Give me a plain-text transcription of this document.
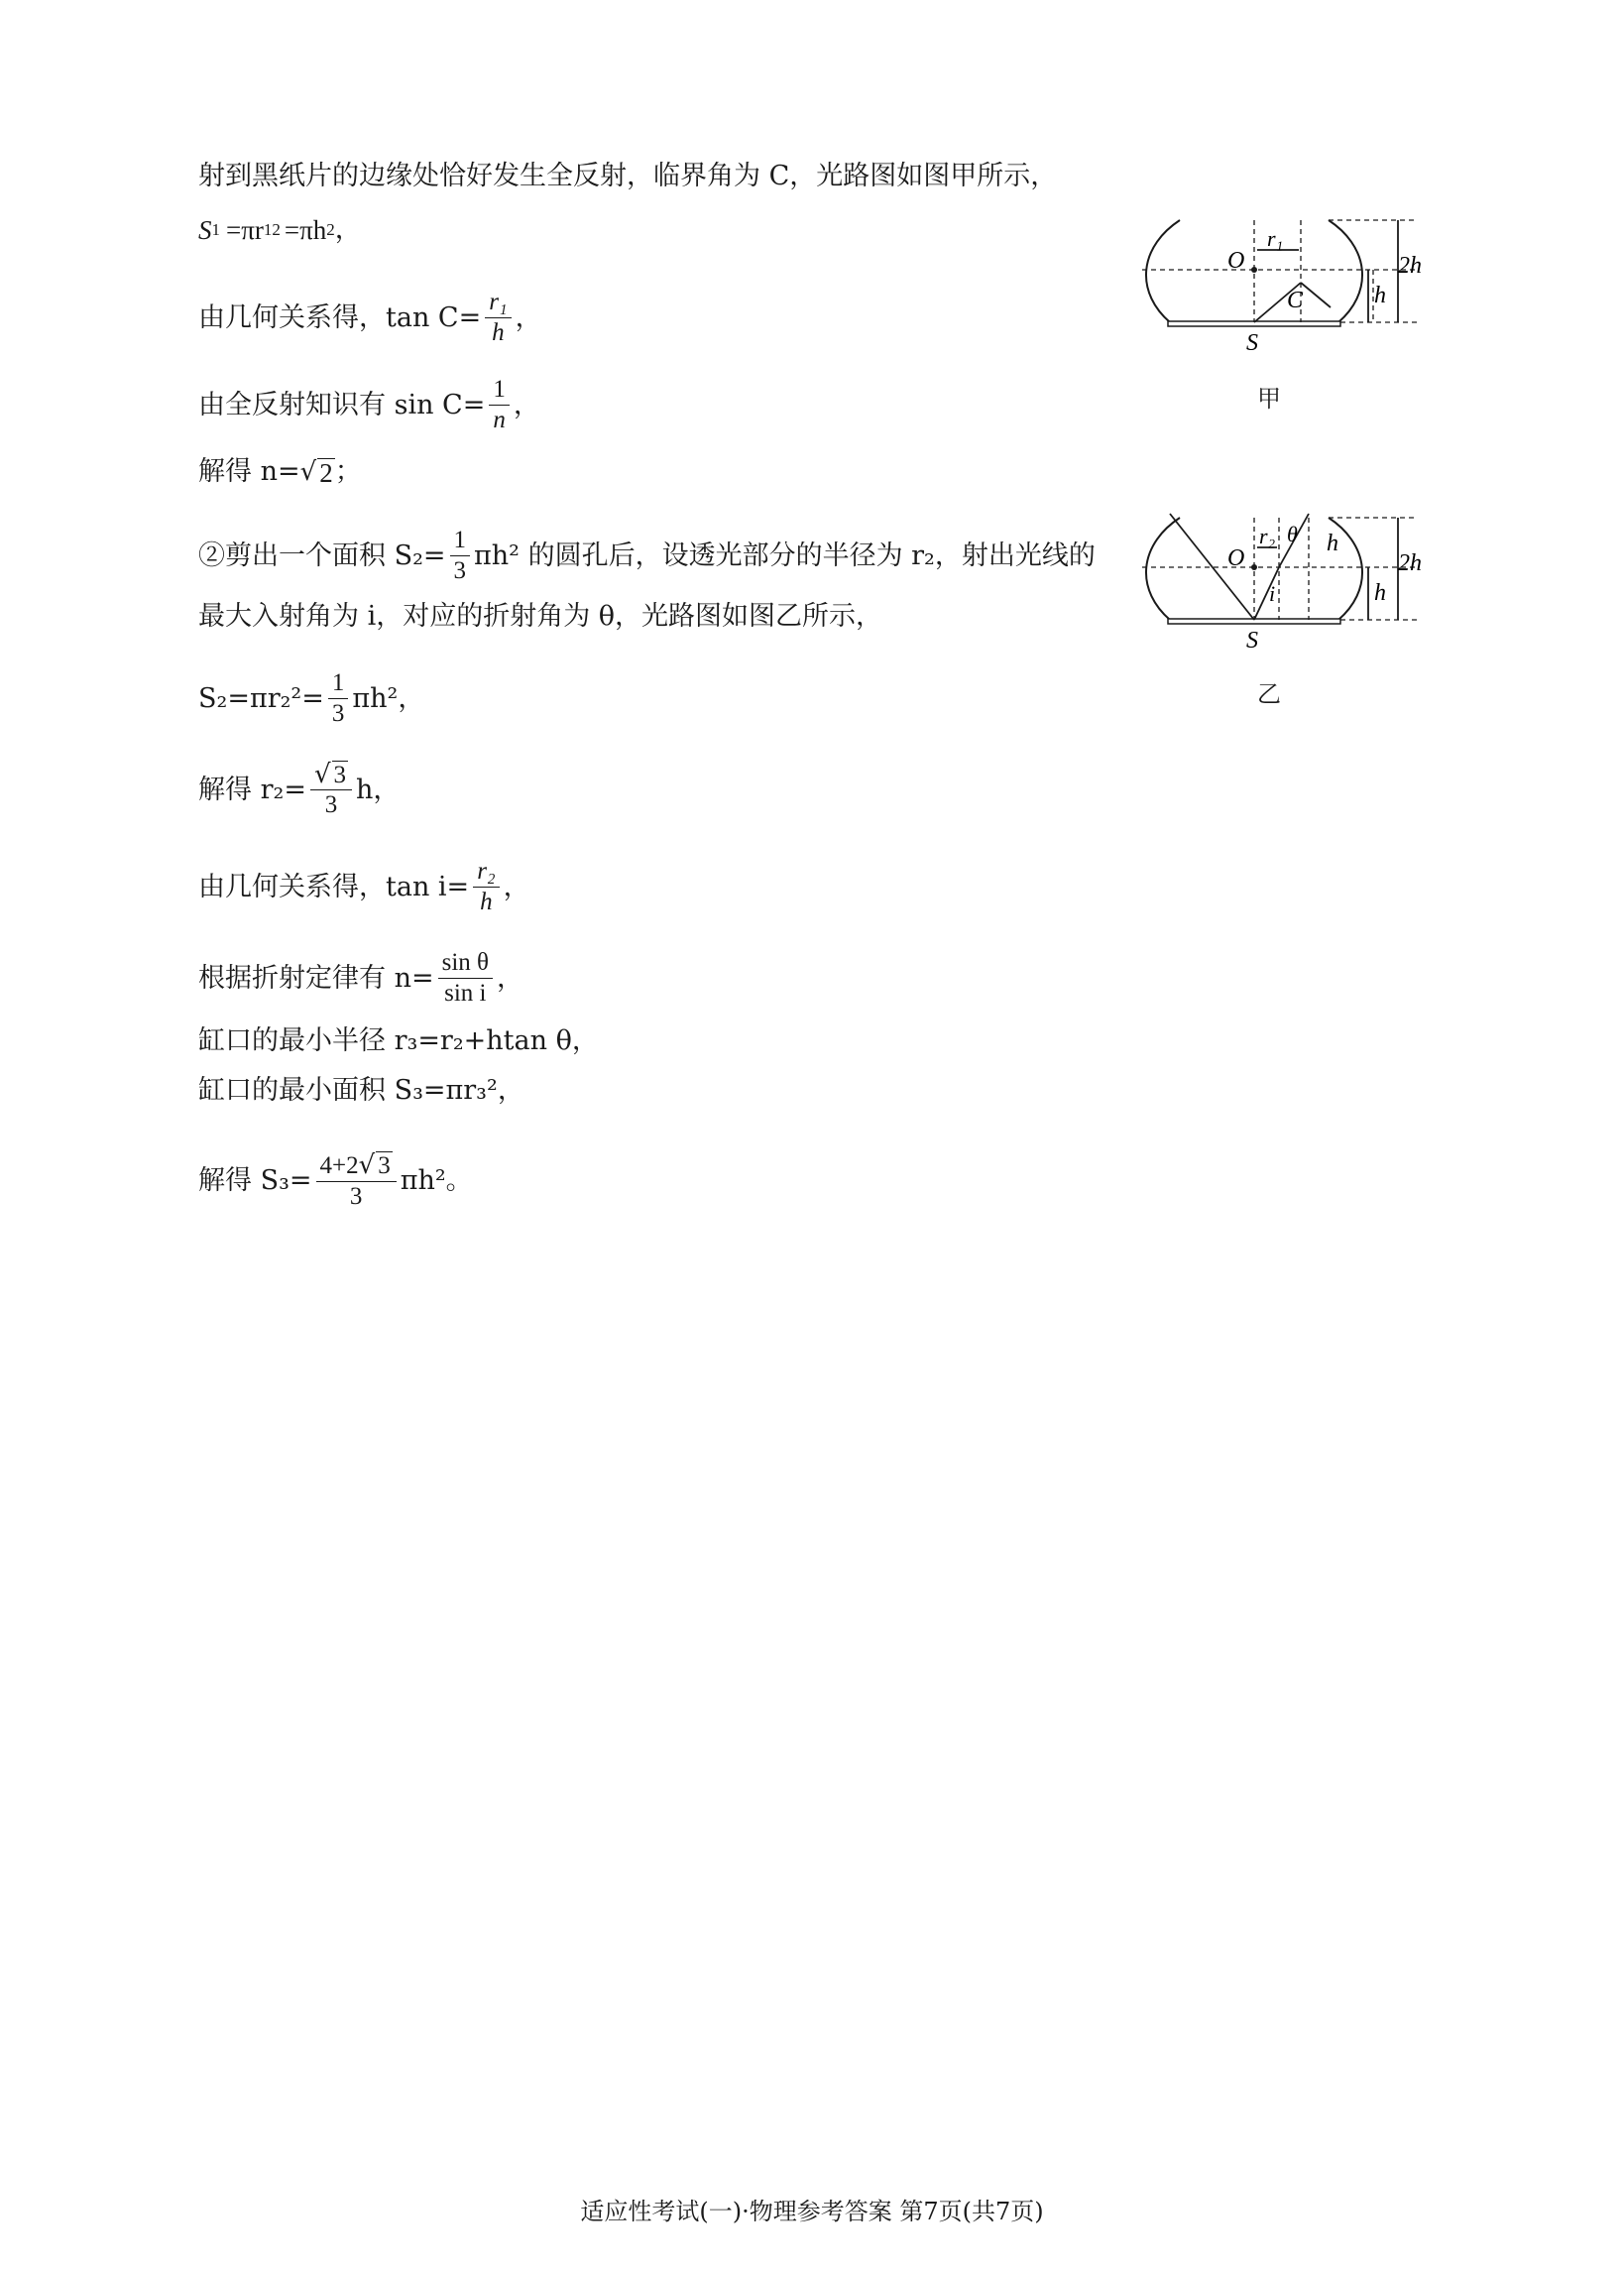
射到黑纸片的边缘处恰好发生全反射，临界角为 C，光路图如图甲所示，
S 1 =πr 1 2 =πh 2 ，
由几何关系得，$\tan C= \frac{\text{r₁}}{h}$ ，
由全反射知识有 $\sin C= \frac{1}{n}$ ，
解得 n= √ 2 ；
②剪出一个面积 $S_2= \frac{1}{3} \pi h^2$ 的圆孔后，设透光部分的半径为 r₂，射出光线的
最大入射角为 i，对应的折射角为 θ，光路图如图乙所示，
$S_2=\pi r_2^2= \frac{1}{3} \pi h^2$，
解得 $r_2= \frac{√ 3}{3}$ h，
由几何关系得，$\tan i= \frac{\text{r₂}}{h}$ ，
根据折射定律有 $n= \frac{\text{sin θ}}{\text{sin i}}$ ，
缸口的最小半径 r₃=r₂+htan θ，
缸口的最小面积 S₃=πr₃²，
解得 $S_3= \frac{4+2 √ 3}{3} \pi h^2$。
O
r₁
C
S
2h
h
甲
O
r₂ θ
i
S
h
2h
h
乙
适应性考试(一)·物理参考答案 第7页(共7页)
